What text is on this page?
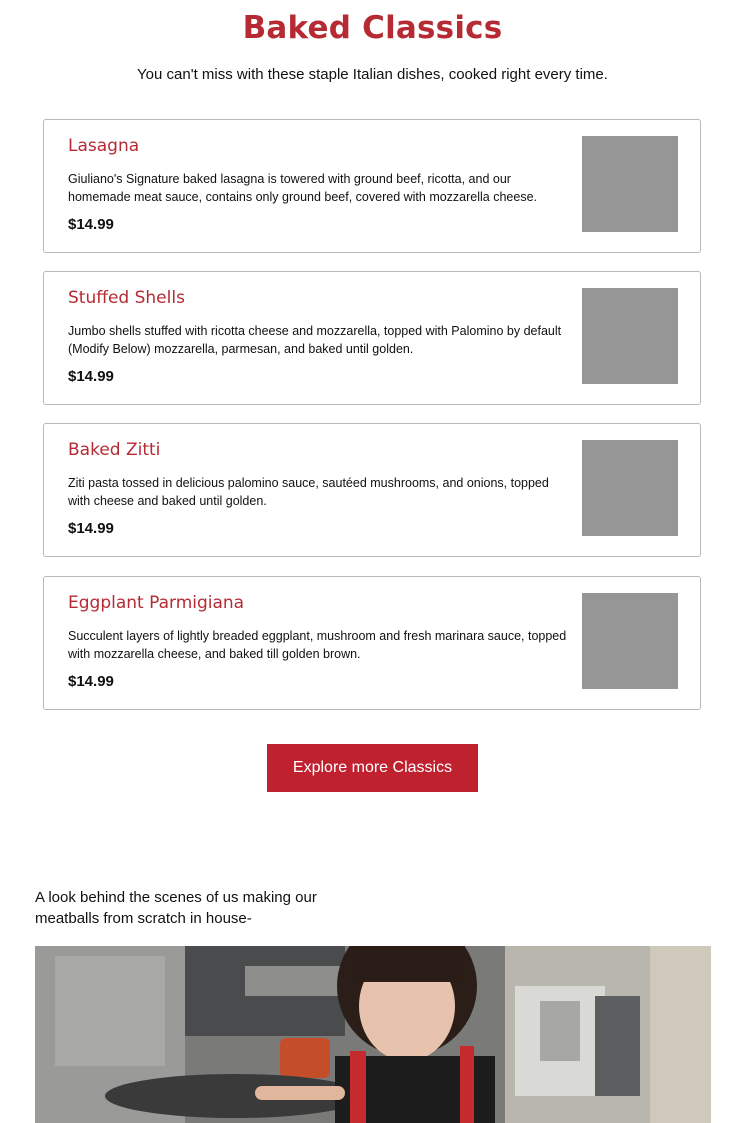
Baked Classics
You can't miss with these staple Italian dishes, cooked right every time.
Lasagna
Giuliano's Signature baked lasagna is towered with ground beef, ricotta, and our homemade meat sauce, contains only ground beef, covered with mozzarella cheese.
$14.99
Stuffed Shells
Jumbo shells stuffed with ricotta cheese and mozzarella, topped with Palomino by default (Modify Below) mozzarella, parmesan, and baked until golden.
$14.99
Baked Zitti
Ziti pasta tossed in delicious palomino sauce, sautéed mushrooms, and onions, topped with cheese and baked until golden.
$14.99
Eggplant Parmigiana
Succulent layers of lightly breaded eggplant, mushroom and fresh marinara sauce, topped with mozzarella cheese, and baked till golden brown.
$14.99
Explore more Classics
A look behind the scenes of us making our meatballs from scratch in house-
